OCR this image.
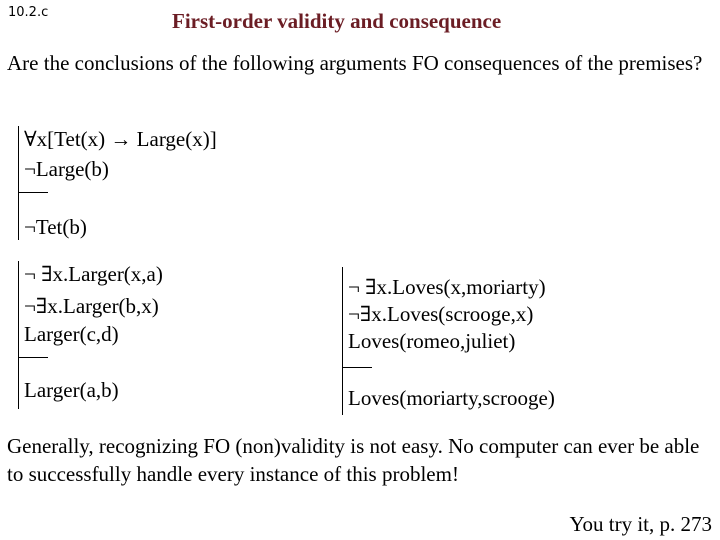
10.2.c	First-order validity and consequence
Are the conclusions of the following arguments FO consequences of the premises?
∀x[Tet(x) → Large(x)]
¬Large(b)
¬Tet(b)
¬ ∃x.Larger(x,a)
¬∃x.Larger(b,x)
Larger(c,d)
Larger(a,b)
¬ ∃x.Loves(x,moriarty)
¬∃x.Loves(scrooge,x)
Loves(romeo,juliet)
Loves(moriarty,scrooge)
Generally, recognizing FO (non)validity is not easy. No computer can ever be able to successfully handle every instance of this problem!
You try it, p. 273
